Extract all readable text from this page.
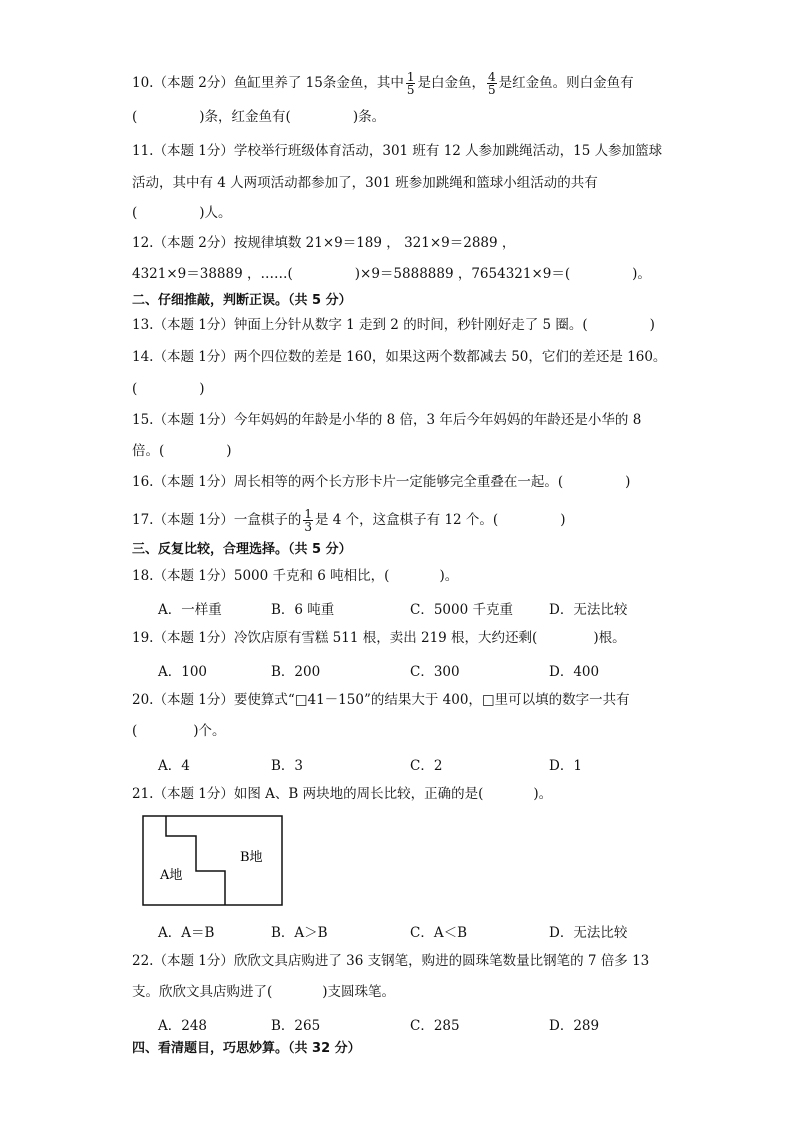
10.（本题 2分）鱼缸里养了 15条金鱼，其中 $\frac{1}{5}$ 是白金鱼， $\frac{4}{5}$ 是红金鱼。则白金鱼有
(	)条，红金鱼有(	)条。
11.（本题 1分）学校举行班级体育活动，301 班有 12 人参加跳绳活动，15 人参加篮球
活动，其中有 4 人两项活动都参加了，301 班参加跳绳和篮球小组活动的共有
(	)人。
12.（本题 2分）按规律填数 21×9＝189 ， 321×9＝2889 ，
4321×9＝38889 ，……(	)×9＝5888889 ，7654321×9＝(	)。
二、仔细推敲，判断正误。（共 5 分）
13.（本题 1分）钟面上分针从数字 1 走到 2 的时间，秒针刚好走了 5 圈。(	)
14.（本题 1分）两个四位数的差是 160，如果这两个数都减去 50，它们的差还是 160。
(	)
15.（本题 1分）今年妈妈的年龄是小华的 8 倍，3 年后今年妈妈的年龄还是小华的 8
倍。(	)
16.（本题 1分）周长相等的两个长方形卡片一定能够完全重叠在一起。(	)
17.（本题 1分）一盒棋子的 $\frac{1}{3}$ 是 4 个，这盒棋子有 12 个。(	)
三、反复比较，合理选择。（共 5 分）
18.（本题 1分）5000 千克和 6 吨相比，(	)。
A．一样重	B．6 吨重	C．5000 千克重	D．无法比较
19.（本题 1分）冷饮店原有雪糕 511 根，卖出 219 根，大约还剩(	)根。
A．100	B．200	C．300	D．400
20.（本题 1分）要使算式“□41－150”的结果大于 400，□里可以填的数字一共有
(	)个。
A．4	B．3	C．2	D．1
21.（本题 1分）如图 A、B 两块地的周长比较，正确的是(	)。
A地
B地
A．A＝B	B．A＞B	C．A＜B	D．无法比较
22.（本题 1分）欣欣文具店购进了 36 支钢笔，购进的圆珠笔数量比钢笔的 7 倍多 13
支。欣欣文具店购进了(	)支圆珠笔。
A．248	B．265	C．285	D．289
四、看清题目，巧思妙算。（共 32 分）
